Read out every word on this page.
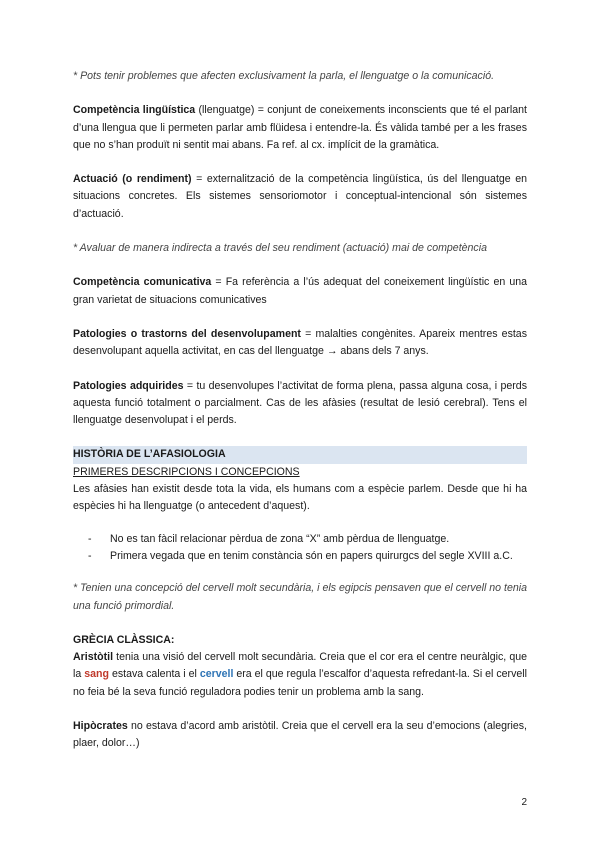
* Pots tenir problemes que afecten exclusivament la parla, el llenguatge o la comunicació.

Competència lingüística (llenguatge) = conjunt de coneixements inconscients que té el parlant d’una llengua que li permeten parlar amb flüidesa i entendre-la. És vàlida també per a les frases que no s’han produït ni sentit mai abans. Fa ref. al cx. implícit de la gramàtica.

Actuació (o rendiment) = externalització de la competència lingüística, ús del llenguatge en situacions concretes. Els sistemes sensoriomotor i conceptual-intencional són sistemes d’actuació.

* Avaluar de manera indirecta a través del seu rendiment (actuació) mai de competència

Competència comunicativa = Fa referència a l’ús adequat del coneixement lingüístic en una gran varietat de situacions comunicatives

Patologies o trastorns del desenvolupament = malalties congènites. Apareix mentres estas desenvolupant aquella activitat, en cas del llenguatge → abans dels 7 anys.

Patologies adquirides = tu desenvolupes l’activitat de forma plena, passa alguna cosa, i perds aquesta funció totalment o parcialment. Cas de les afàsies (resultat de lesió cerebral). Tens el llenguatge desenvolupat i el perds.

HISTÒRIA DE L’AFASIOLOGIA

PRIMERES DESCRIPCIONS I CONCEPCIONS

Les afàsies han existit desde tota la vida, els humans com a espècie parlem. Desde que hi ha espècies hi ha llenguatge (o antecedent d’aquest).

- No es tan fàcil relacionar pèrdua de zona “X” amb pèrdua de llenguatge.
- Primera vegada que en tenim constància són en papers quirurgcs del segle XVIII a.C.

* Tenien una concepció del cervell molt secundària, i els egipcis pensaven que el cervell no tenia una funció primordial.

GRÈCIA CLÀSSICA:

Aristòtil tenia una visió del cervell molt secundària. Creia que el cor era el centre neuràlgic, que la sang estava calenta i el cervell era el que regula l’escalfor d’aquesta refredant-la. Si el cervell no feia bé la seva funció reguladora podies tenir un problema amb la sang.

Hipòcrates no estava d’acord amb aristòtil. Creia que el cervell era la seu d’emocions (alegries, plaer, dolor…)

2
